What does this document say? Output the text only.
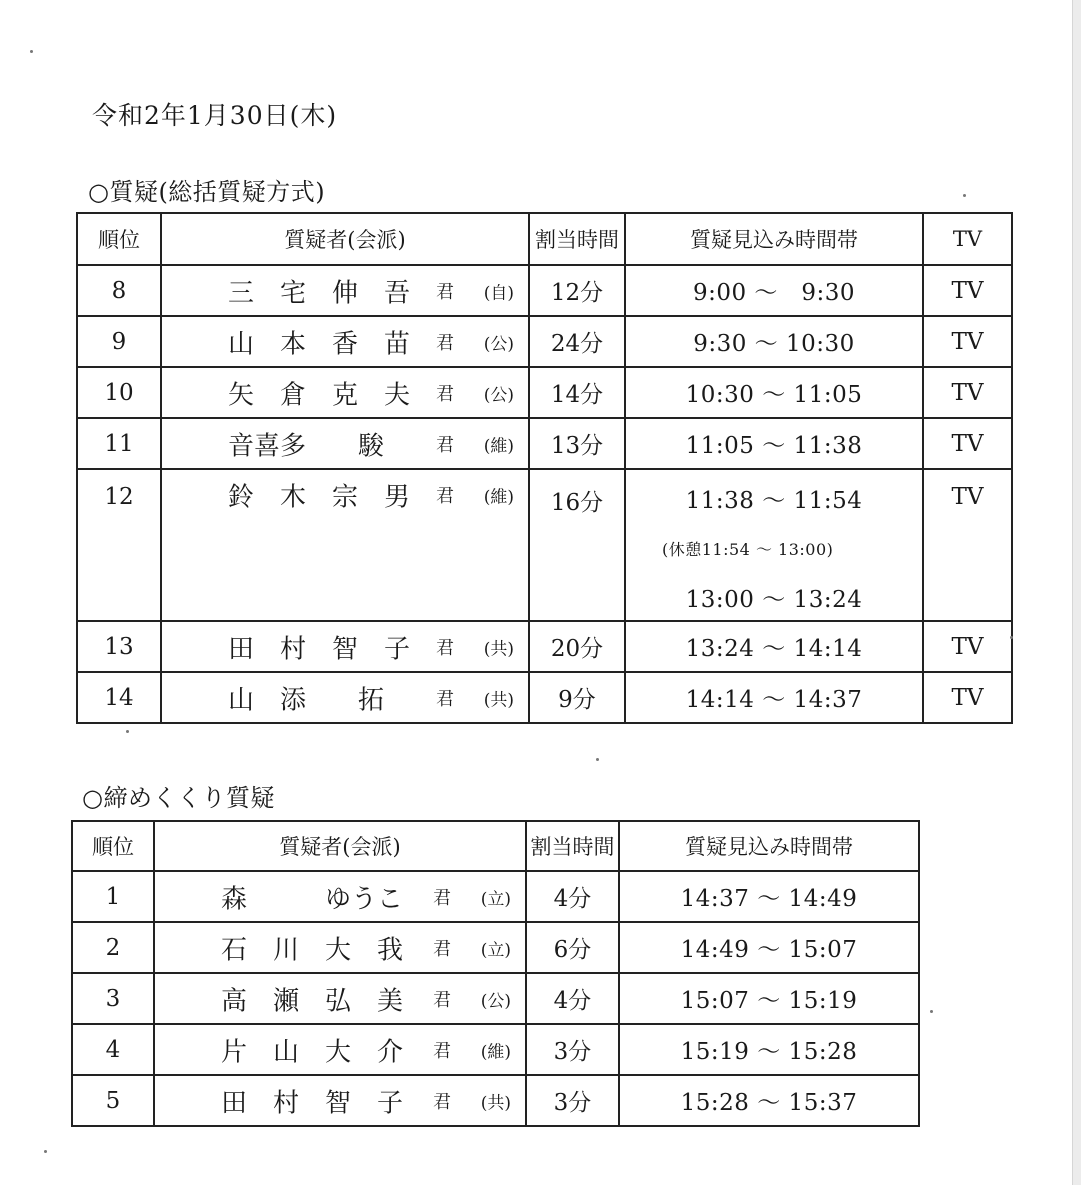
令和2年1月30日(木)
○質疑(総括質疑方式)
順位	質疑者(会派)	割当時間	質疑見込み時間帯	TV
8	三　宅　伸　吾 君 (自)	12分	9:00 ～　9:30	TV
9	山　本　香　苗 君 (公)	24分	9:30 ～ 10:30	TV
10	矢　倉　克　夫 君 (公)	14分	10:30 ～ 11:05	TV
11	音喜多　　駿 君 (維)	13分	11:05 ～ 11:38	TV
12	鈴　木　宗　男 君 (維)	16分	11:38 ～ 11:54
(休憩11:54 ～ 13:00)
13:00 ～ 13:24	TV
13	田　村　智　子 君 (共)	20分	13:24 ～ 14:14	TV
14	山　添　　拓 君 (共)	9分	14:14 ～ 14:37	TV
○締めくくり質疑
順位	質疑者(会派)	割当時間	質疑見込み時間帯
1	森　　　ゆうこ 君 (立)	4分	14:37 ～ 14:49
2	石　川　大　我 君 (立)	6分	14:49 ～ 15:07
3	高　瀬　弘　美 君 (公)	4分	15:07 ～ 15:19
4	片　山　大　介 君 (維)	3分	15:19 ～ 15:28
5	田　村　智　子 君 (共)	3分	15:28 ～ 15:37
